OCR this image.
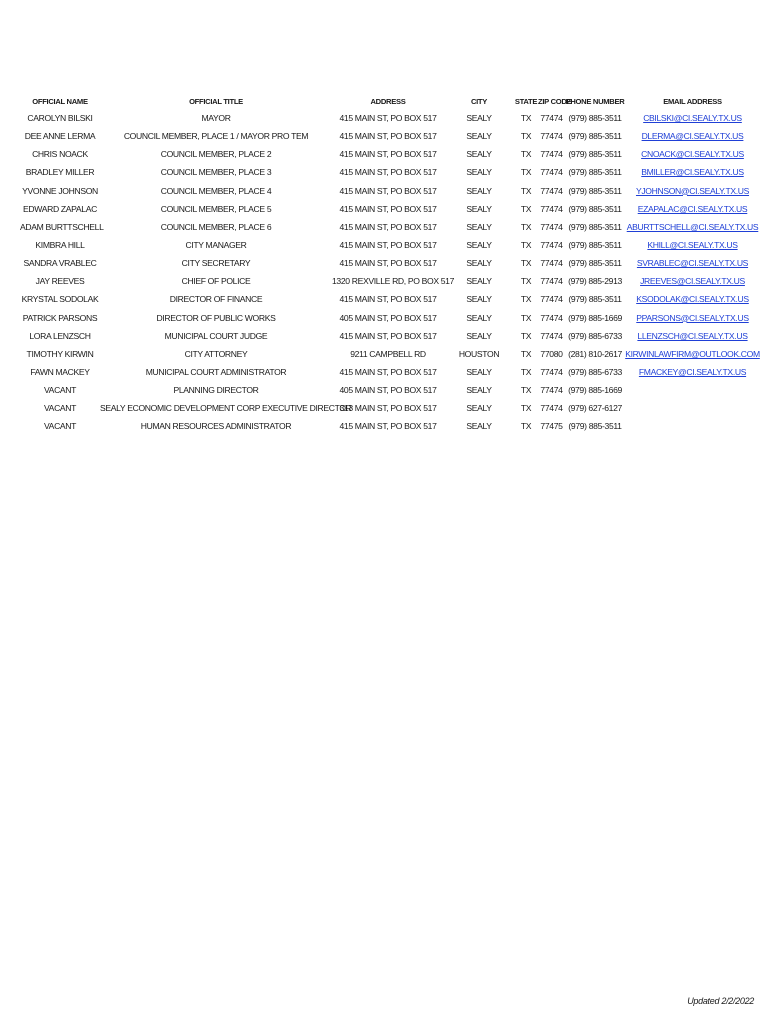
OFFICIAL NAME	OFFICIAL TITLE	ADDRESS	CITY	STATE	ZIP CODE	PHONE NUMBER	EMAIL ADDRESS
CAROLYN BILSKI	MAYOR	415 MAIN ST, PO BOX 517	SEALY	TX	77474	(979) 885-3511	CBILSKI@CI.SEALY.TX.US
DEE ANNE LERMA	COUNCIL MEMBER, PLACE 1 / MAYOR PRO TEM	415 MAIN ST, PO BOX 517	SEALY	TX	77474	(979) 885-3511	DLERMA@CI.SEALY.TX.US
CHRIS NOACK	COUNCIL MEMBER, PLACE 2	415 MAIN ST, PO BOX 517	SEALY	TX	77474	(979) 885-3511	CNOACK@CI.SEALY.TX.US
BRADLEY MILLER	COUNCIL MEMBER, PLACE 3	415 MAIN ST, PO BOX 517	SEALY	TX	77474	(979) 885-3511	BMILLER@CI.SEALY.TX.US
YVONNE JOHNSON	COUNCIL MEMBER, PLACE 4	415 MAIN ST, PO BOX 517	SEALY	TX	77474	(979) 885-3511	YJOHNSON@CI.SEALY.TX.US
EDWARD ZAPALAC	COUNCIL MEMBER, PLACE 5	415 MAIN ST, PO BOX 517	SEALY	TX	77474	(979) 885-3511	EZAPALAC@CI.SEALY.TX.US
ADAM BURTTSCHELL	COUNCIL MEMBER, PLACE 6	415 MAIN ST, PO BOX 517	SEALY	TX	77474	(979) 885-3511	ABURTTSCHELL@CI.SEALY.TX.US
KIMBRA HILL	CITY MANAGER	415 MAIN ST, PO BOX 517	SEALY	TX	77474	(979) 885-3511	KHILL@CI.SEALY.TX.US
SANDRA VRABLEC	CITY SECRETARY	415 MAIN ST, PO BOX 517	SEALY	TX	77474	(979) 885-3511	SVRABLEC@CI.SEALY.TX.US
JAY REEVES	CHIEF OF POLICE	1320 REXVILLE RD, PO BOX 517	SEALY	TX	77474	(979) 885-2913	JREEVES@CI.SEALY.TX.US
KRYSTAL SODOLAK	DIRECTOR OF FINANCE	415 MAIN ST, PO BOX 517	SEALY	TX	77474	(979) 885-3511	KSODOLAK@CI.SEALY.TX.US
PATRICK PARSONS	DIRECTOR OF PUBLIC WORKS	405 MAIN ST, PO BOX 517	SEALY	TX	77474	(979) 885-1669	PPARSONS@CI.SEALY.TX.US
LORA LENZSCH	MUNICIPAL COURT JUDGE	415 MAIN ST, PO BOX 517	SEALY	TX	77474	(979) 885-6733	LLENZSCH@CI.SEALY.TX.US
TIMOTHY KIRWIN	CITY ATTORNEY	9211 CAMPBELL RD	HOUSTON	TX	77080	(281) 810-2617	KIRWINLAWFIRM@OUTLOOK.COM
FAWN MACKEY	MUNICIPAL COURT ADMINISTRATOR	415 MAIN ST, PO BOX 517	SEALY	TX	77474	(979) 885-6733	FMACKEY@CI.SEALY.TX.US
VACANT	PLANNING DIRECTOR	405 MAIN ST, PO BOX 517	SEALY	TX	77474	(979) 885-1669	
VACANT	SEALY ECONOMIC DEVELOPMENT CORP EXECUTIVE DIRECTOR	313 MAIN ST, PO BOX 517	SEALY	TX	77474	(979) 627-6127	
VACANT	HUMAN RESOURCES ADMINISTRATOR	415 MAIN ST, PO BOX 517	SEALY	TX	77475	(979) 885-3511	
Updated 2/2/2022
